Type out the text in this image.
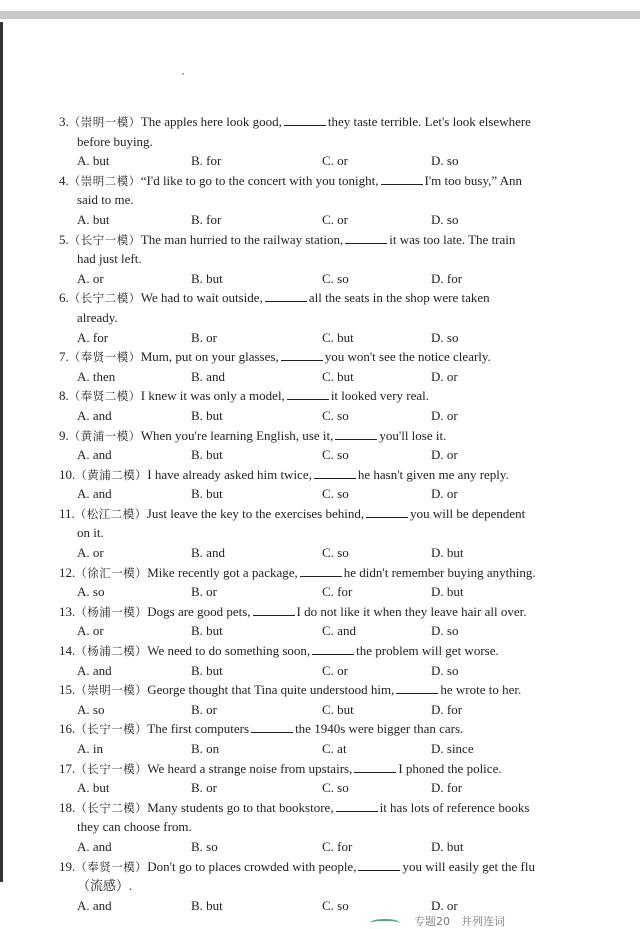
3.（崇明一模）The apples here look good,	they taste terrible. Let's look elsewhere
before buying.
A. but	B. for	C. or	D. so
4.（崇明二模）“I'd like to go to the concert with you tonight,	I'm too busy,” Ann
said to me.
A. but	B. for	C. or	D. so
5.（长宁一模）The man hurried to the railway station,	it was too late. The train
had just left.
A. or	B. but	C. so	D. for
6.（长宁二模）We had to wait outside,	all the seats in the shop were taken
already.
A. for	B. or	C. but	D. so
7.（奉贤一模）Mum, put on your glasses,	you won't see the notice clearly.
A. then	B. and	C. but	D. or
8.（奉贤二模）I knew it was only a model,	it looked very real.
A. and	B. but	C. so	D. or
9.（黄浦一模）When you're learning English, use it,	you'll lose it.
A. and	B. but	C. so	D. or
10.（黄浦二模）I have already asked him twice,	he hasn't given me any reply.
A. and	B. but	C. so	D. or
11.（松江二模）Just leave the key to the exercises behind,	you will be dependent
on it.
A. or	B. and	C. so	D. but
12.（徐汇一模）Mike recently got a package,	he didn't remember buying anything.
A. so	B. or	C. for	D. but
13.（杨浦一模）Dogs are good pets,	I do not like it when they leave hair all over.
A. or	B. but	C. and	D. so
14.（杨浦二模）We need to do something soon,	the problem will get worse.
A. and	B. but	C. or	D. so
15.（崇明一模）George thought that Tina quite understood him,	he wrote to her.
A. so	B. or	C. but	D. for
16.（长宁一模）The first computers	the 1940s were bigger than cars.
A. in	B. on	C. at	D. since
17.（长宁一模）We heard a strange noise from upstairs,	I phoned the police.
A. but	B. or	C. so	D. for
18.（长宁二模）Many students go to that bookstore,	it has lots of reference books
they can choose from.
A. and	B. so	C. for	D. but
19.（奉贤一模）Don't go to places crowded with people,	you will easily get the flu
（流感）.
A. and	B. but	C. so	D. or
专题20　并列连词
